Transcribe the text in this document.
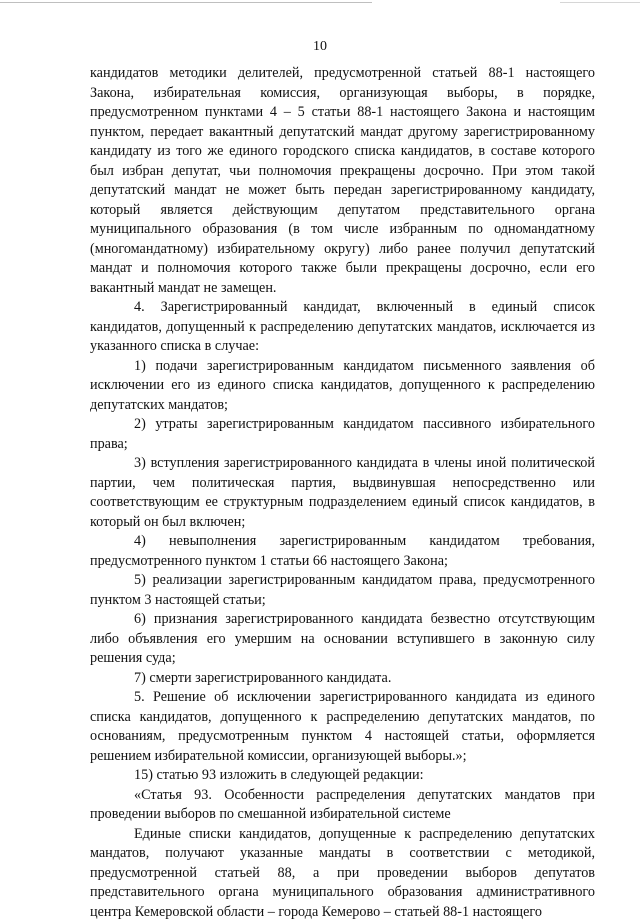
10

кандидатов методики делителей, предусмотренной статьей 88-1 настоящего Закона, избирательная комиссия, организующая выборы, в порядке, предусмотренном пунктами 4 – 5 статьи 88-1 настоящего Закона и настоящим пунктом, передает вакантный депутатский мандат другому зарегистрированному кандидату из того же единого городского списка кандидатов, в составе которого был избран депутат, чьи полномочия прекращены досрочно. При этом такой депутатский мандат не может быть передан зарегистрированному кандидату, который является действующим депутатом представительного органа муниципального образования (в том числе избранным по одномандатному (многомандатному) избирательному округу) либо ранее получил депутатский мандат и полномочия которого также были прекращены досрочно, если его вакантный мандат не замещен.

4. Зарегистрированный кандидат, включенный в единый список кандидатов, допущенный к распределению депутатских мандатов, исключается из указанного списка в случае:

1) подачи зарегистрированным кандидатом письменного заявления об исключении его из единого списка кандидатов, допущенного к распределению депутатских мандатов;

2) утраты зарегистрированным кандидатом пассивного избирательного права;

3) вступления зарегистрированного кандидата в члены иной политической партии, чем политическая партия, выдвинувшая непосредственно или соответствующим ее структурным подразделением единый список кандидатов, в который он был включен;

4) невыполнения зарегистрированным кандидатом требования, предусмотренного пунктом 1 статьи 66 настоящего Закона;

5) реализации зарегистрированным кандидатом права, предусмотренного пунктом 3 настоящей статьи;

6) признания зарегистрированного кандидата безвестно отсутствующим либо объявления его умершим на основании вступившего в законную силу решения суда;

7) смерти зарегистрированного кандидата.

5. Решение об исключении зарегистрированного кандидата из единого списка кандидатов, допущенного к распределению депутатских мандатов, по основаниям, предусмотренным пунктом 4 настоящей статьи, оформляется решением избирательной комиссии, организующей выборы.»;

15) статью 93 изложить в следующей редакции:

«Статья 93. Особенности распределения депутатских мандатов при проведении выборов по смешанной избирательной системе

Единые списки кандидатов, допущенные к распределению депутатских мандатов, получают указанные мандаты в соответствии с методикой, предусмотренной статьей 88, а при проведении выборов депутатов представительного органа муниципального образования административного центра Кемеровской области – города Кемерово – статьей 88-1 настоящего
